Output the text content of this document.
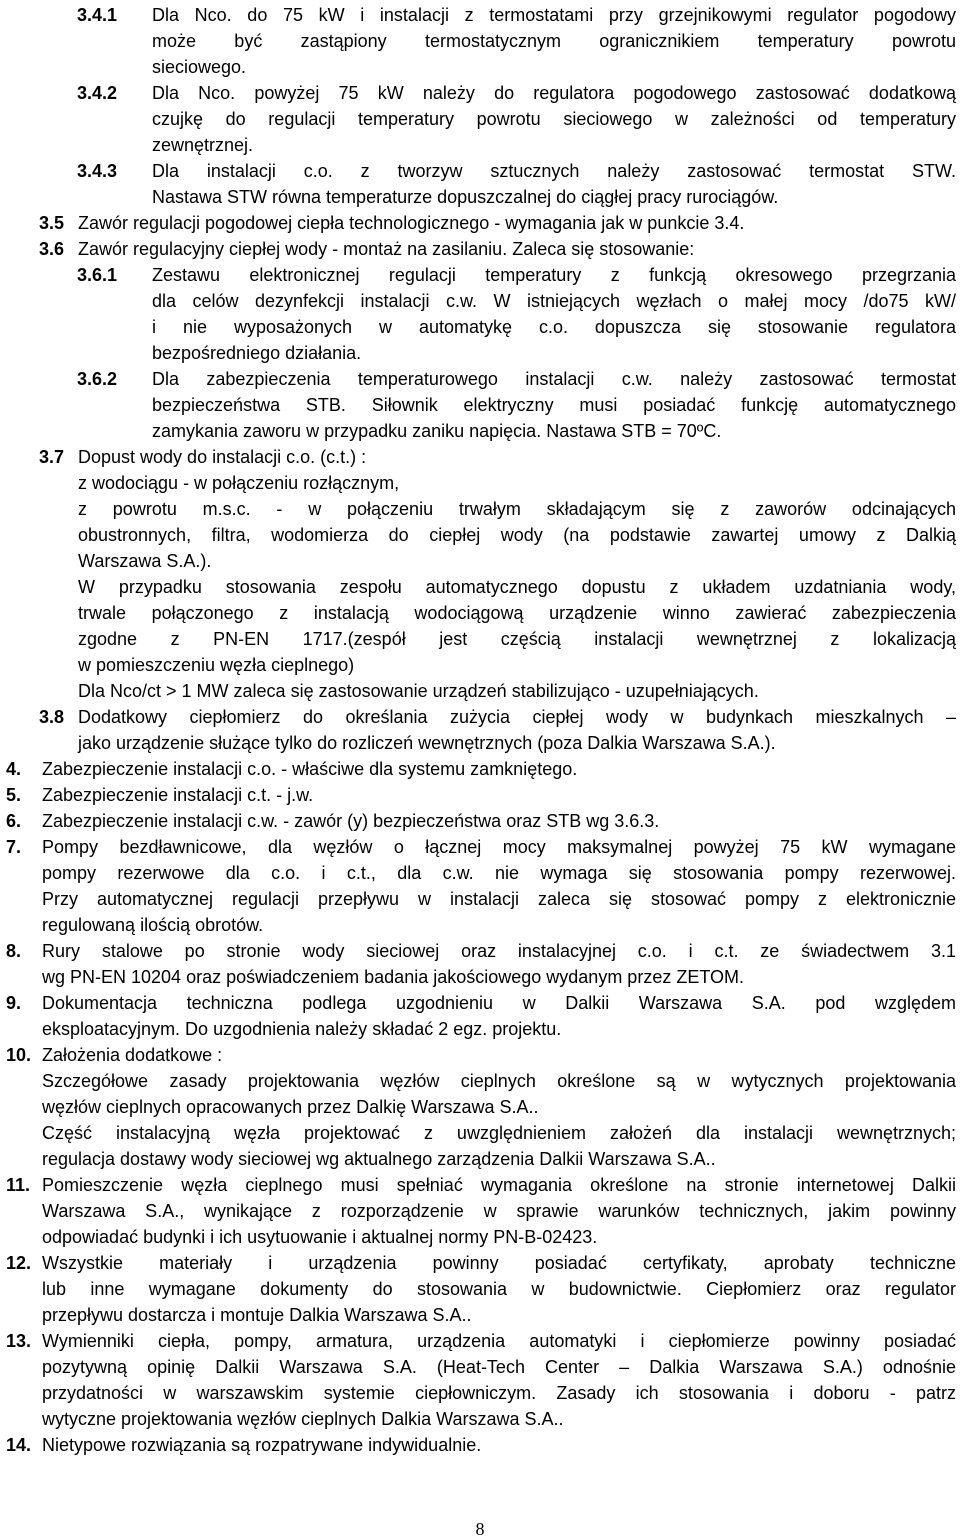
3.4.1 Dla Nco. do 75 kW i instalacji z termostatami przy grzejnikowymi regulator pogodowy
może być zastąpiony termostatycznym ogranicznikiem temperatury powrotu
sieciowego.
3.4.2 Dla Nco. powyżej 75 kW należy do regulatora pogodowego zastosować dodatkową
czujkę do regulacji temperatury powrotu sieciowego w zależności od temperatury
zewnętrznej.
3.4.3 Dla instalacji c.o. z tworzyw sztucznych należy zastosować termostat STW.
Nastawa STW równa temperaturze dopuszczalnej do ciągłej pracy rurociągów.
3.5 Zawór regulacji pogodowej ciepła technologicznego - wymagania jak w punkcie 3.4.
3.6 Zawór regulacyjny ciepłej wody - montaż na zasilaniu. Zaleca się stosowanie:
3.6.1 Zestawu elektronicznej regulacji temperatury z funkcją okresowego przegrzania
dla celów dezynfekcji instalacji c.w. W istniejących węzłach o małej mocy /do75 kW/
i nie wyposażonych w automatykę c.o. dopuszcza się stosowanie regulatora
bezpośredniego działania.
3.6.2 Dla zabezpieczenia temperaturowego instalacji c.w. należy zastosować termostat
bezpieczeństwa STB. Siłownik elektryczny musi posiadać funkcję automatycznego
zamykania zaworu w przypadku zaniku napięcia. Nastawa STB = 70ºC.
3.7 Dopust wody do instalacji c.o. (c.t.) :
z wodociągu - w połączeniu rozłącznym,
z powrotu m.s.c. - w połączeniu trwałym składającym się z zaworów odcinających
obustronnych, filtra, wodomierza do ciepłej wody (na podstawie zawartej umowy z Dalkią
Warszawa S.A.).
W przypadku stosowania zespołu automatycznego dopustu z układem uzdatniania wody,
trwale połączonego z instalacją wodociągową urządzenie winno zawierać zabezpieczenia
zgodne z PN-EN 1717.(zespół jest częścią instalacji wewnętrznej z lokalizacją
w pomieszczeniu węzła cieplnego)
Dla Nco/ct > 1 MW zaleca się zastosowanie urządzeń stabilizująco - uzupełniających.
3.8 Dodatkowy ciepłomierz do określania zużycia ciepłej wody w budynkach mieszkalnych –
jako urządzenie służące tylko do rozliczeń wewnętrznych (poza Dalkia Warszawa S.A.).
4. Zabezpieczenie instalacji c.o. - właściwe dla systemu zamkniętego.
5. Zabezpieczenie instalacji c.t. - j.w.
6. Zabezpieczenie instalacji c.w. - zawór (y) bezpieczeństwa oraz STB wg 3.6.3.
7. Pompy bezdławnicowe, dla węzłów o łącznej mocy maksymalnej powyżej 75 kW wymagane
pompy rezerwowe dla c.o. i c.t., dla c.w. nie wymaga się stosowania pompy rezerwowej.
Przy automatycznej regulacji przepływu w instalacji zaleca się stosować pompy z elektronicznie
regulowaną ilością obrotów.
8. Rury stalowe po stronie wody sieciowej oraz instalacyjnej c.o. i c.t. ze świadectwem 3.1
wg PN-EN 10204 oraz poświadczeniem badania jakościowego wydanym przez ZETOM.
9. Dokumentacja techniczna podlega uzgodnieniu w Dalkii Warszawa S.A. pod względem
eksploatacyjnym. Do uzgodnienia należy składać 2 egz. projektu.
10. Założenia dodatkowe :
Szczegółowe zasady projektowania węzłów cieplnych określone są w wytycznych projektowania
węzłów cieplnych opracowanych przez Dalkię Warszawa S.A..
Część instalacyjną węzła projektować z uwzględnieniem założeń dla instalacji wewnętrznych;
regulacja dostawy wody sieciowej wg aktualnego zarządzenia Dalkii Warszawa S.A..
11. Pomieszczenie węzła cieplnego musi spełniać wymagania określone na stronie internetowej Dalkii
Warszawa S.A., wynikające z rozporządzenie w sprawie warunków technicznych, jakim powinny
odpowiadać budynki i ich usytuowanie i aktualnej normy PN-B-02423.
12. Wszystkie materiały i urządzenia powinny posiadać certyfikaty, aprobaty techniczne
lub inne wymagane dokumenty do stosowania w budownictwie. Ciepłomierz oraz regulator
przepływu dostarcza i montuje Dalkia Warszawa S.A..
13. Wymienniki ciepła, pompy, armatura, urządzenia automatyki i ciepłomierze powinny posiadać
pozytywną opinię Dalkii Warszawa S.A. (Heat-Tech Center – Dalkia Warszawa S.A.) odnośnie
przydatności w warszawskim systemie ciepłowniczym. Zasady ich stosowania i doboru - patrz
wytyczne projektowania węzłów cieplnych Dalkia Warszawa S.A..
14. Nietypowe rozwiązania są rozpatrywane indywidualnie.
8
